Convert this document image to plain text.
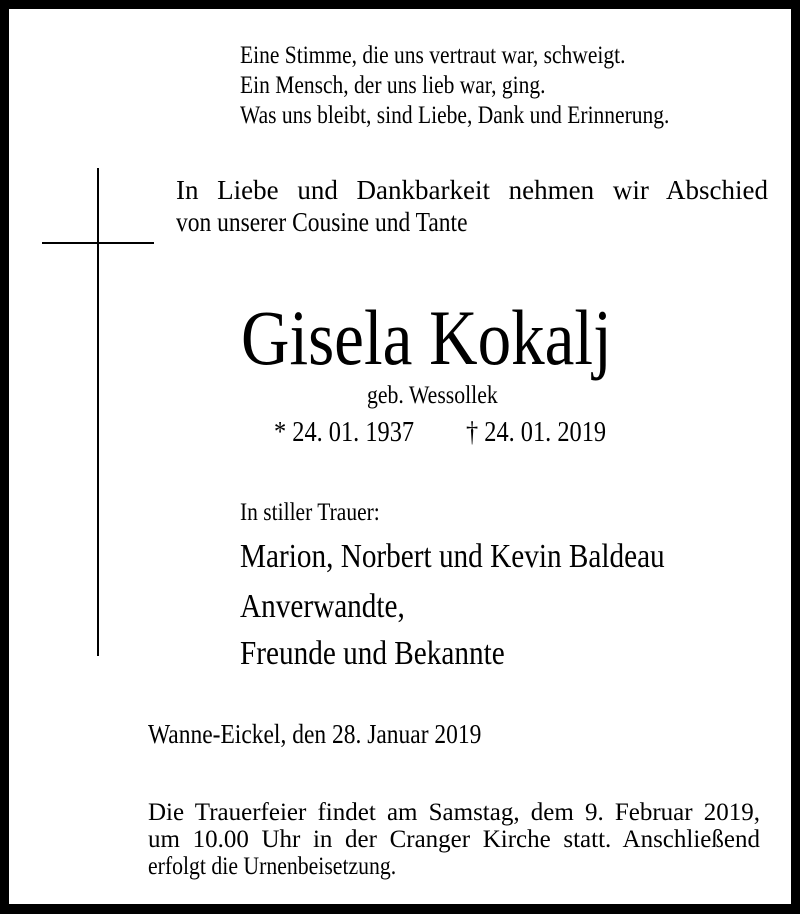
Eine Stimme, die uns vertraut war, schweigt.
Ein Mensch, der uns lieb war, ging.
Was uns bleibt, sind Liebe, Dank und Erinnerung.
In Liebe und Dankbarkeit nehmen wir Abschied
von unserer Cousine und Tante
Gisela Kokalj
geb. Wessollek
* 24. 01. 1937 † 24. 01. 2019
In stiller Trauer:
Marion, Norbert und Kevin Baldeau
Anverwandte,
Freunde und Bekannte
Wanne-Eickel, den 28. Januar 2019
Die Trauerfeier findet am Samstag, dem 9. Februar 2019,
um 10.00 Uhr in der Cranger Kirche statt. Anschließend
erfolgt die Urnenbeisetzung.
